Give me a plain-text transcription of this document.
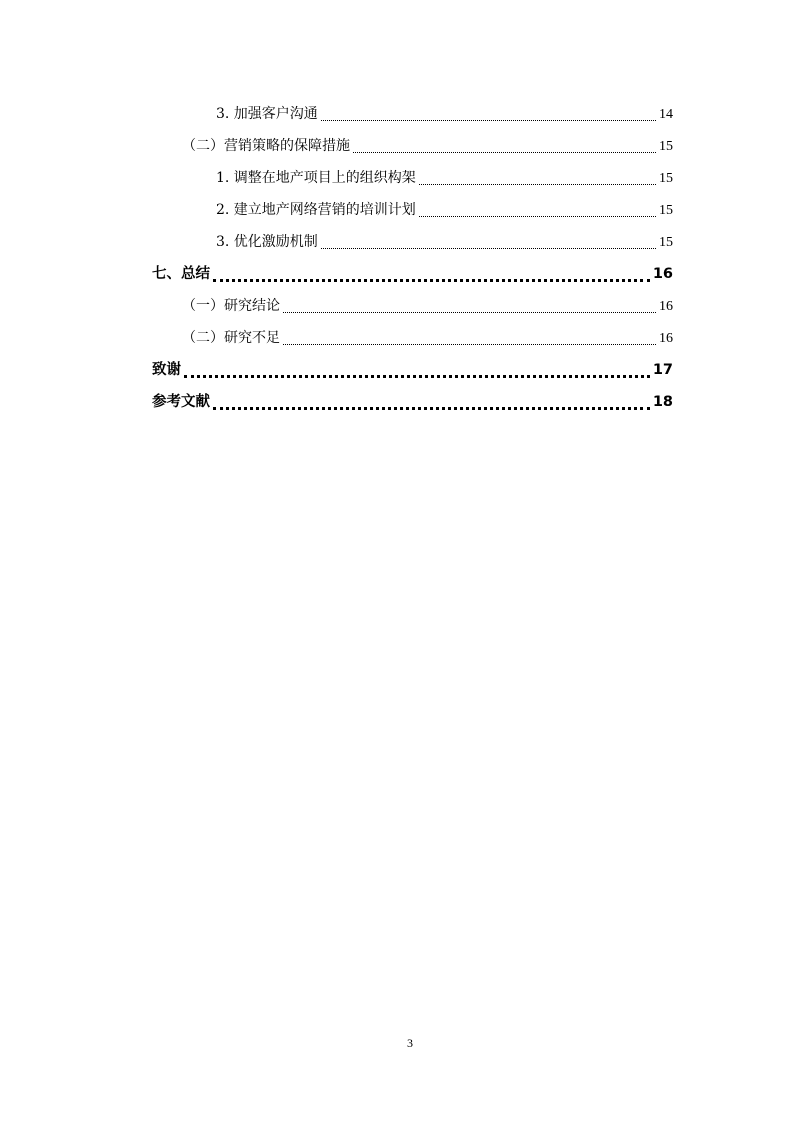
3. 加强客户沟通	14
（二）营销策略的保障措施	15
1. 调整在地产项目上的组织构架	15
2. 建立地产网络营销的培训计划	15
3. 优化激励机制	15
七、总结	16
（一）研究结论	16
（二）研究不足	16
致谢	17
参考文献	18
3
